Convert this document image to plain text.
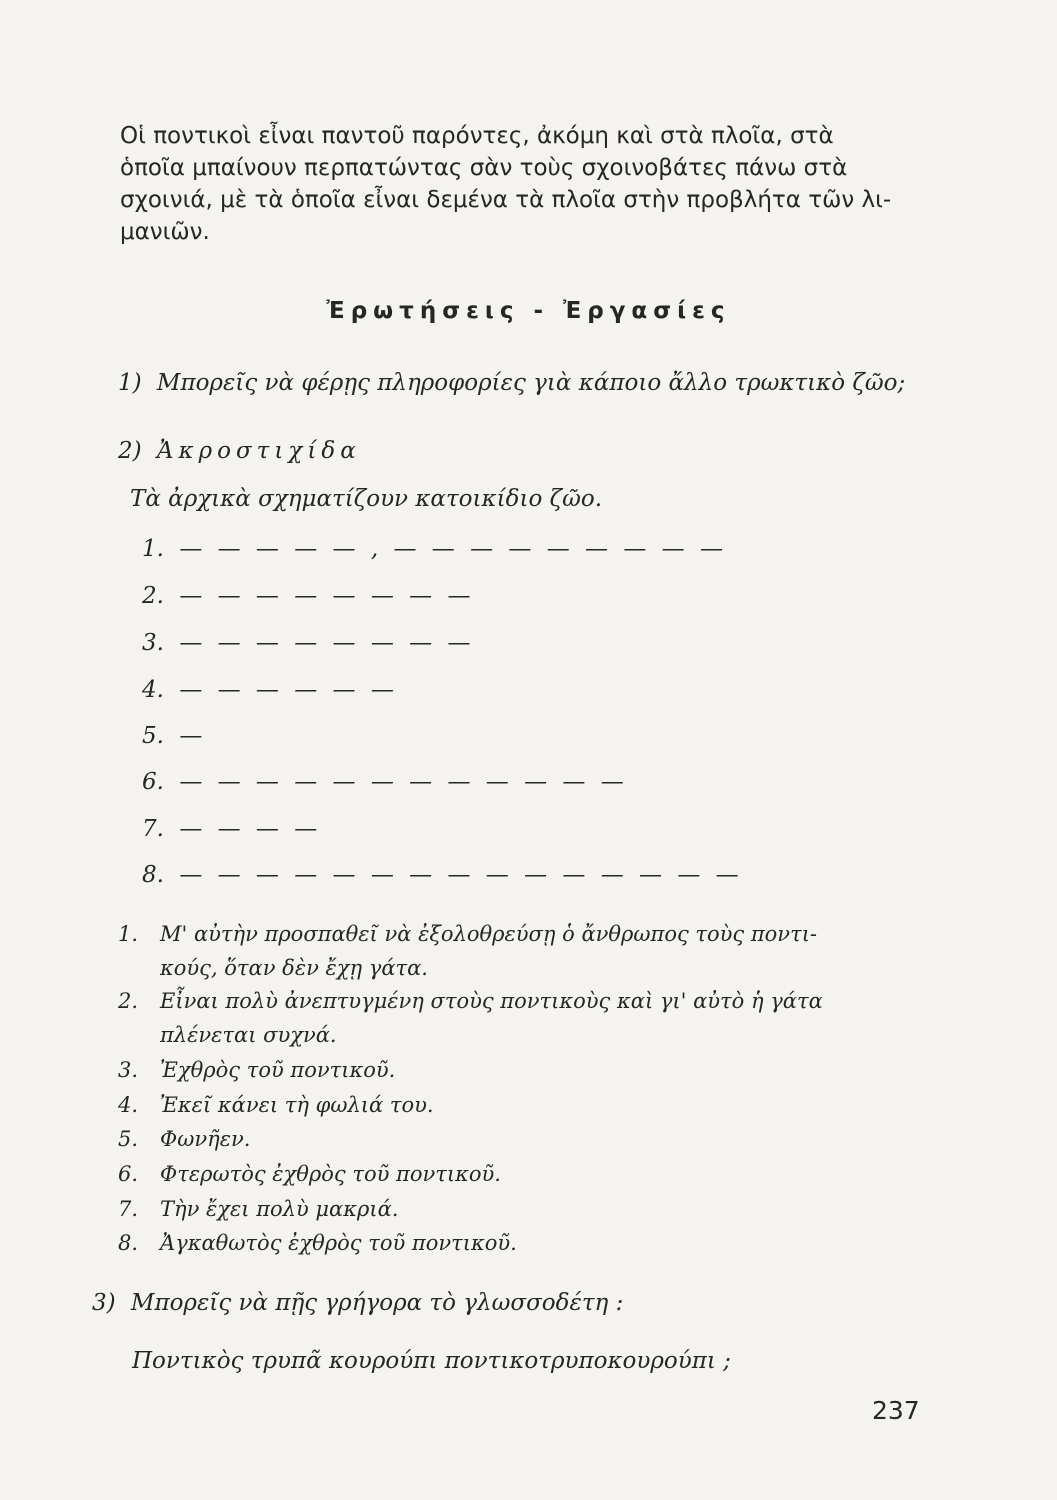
Οἱ ποντικοὶ εἶναι παντοῦ παρόντες, ἀκόμη καὶ στὰ πλοῖα, στὰ
ὁποῖα μπαίνουν περπατώντας σὰν τοὺς σχοινοβάτες πάνω στὰ
σχοινιά, μὲ τὰ ὁποῖα εἶναι δεμένα τὰ πλοῖα στὴν προβλήτα τῶν λι-
μανιῶν.
Ἐρωτήσεις - Ἐργασίες
1) Μπορεῖς νὰ φέρῃς πληροφορίες γιὰ κάποιο ἄλλο τρωκτικὸ ζῶο;
2) Ἀκροστιχίδα
Τὰ ἀρχικὰ σχηματίζουν κατοικίδιο ζῶο.
1. — — — — — , — — — — — — — — —
2. — — — — — — — —
3. — — — — — — — —
4. — — — — — —
5. —
6. — — — — — — — — — — — —
7. — — — —
8. — — — — — — — — — — — — — — —
1. Μ' αὐτὴν προσπαθεῖ νὰ ἐξολοθρεύσῃ ὁ ἄνθρωπος τοὺς ποντι-
κούς, ὅταν δὲν ἔχῃ γάτα.
2. Εἶναι πολὺ ἀνεπτυγμένη στοὺς ποντικοὺς καὶ γι' αὐτὸ ἡ γάτα
πλένεται συχνά.
3. Ἐχθρὸς τοῦ ποντικοῦ.
4. Ἐκεῖ κάνει τὴ φωλιά του.
5. Φωνῆεν.
6. Φτερωτὸς ἐχθρὸς τοῦ ποντικοῦ.
7. Τὴν ἔχει πολὺ μακριά.
8. Ἀγκαθωτὸς ἐχθρὸς τοῦ ποντικοῦ.
3) Μπορεῖς νὰ πῇς γρήγορα τὸ γλωσσοδέτη :
Ποντικὸς τρυπᾶ κουρούπι ποντικοτρυποκουρούπι ;
237
